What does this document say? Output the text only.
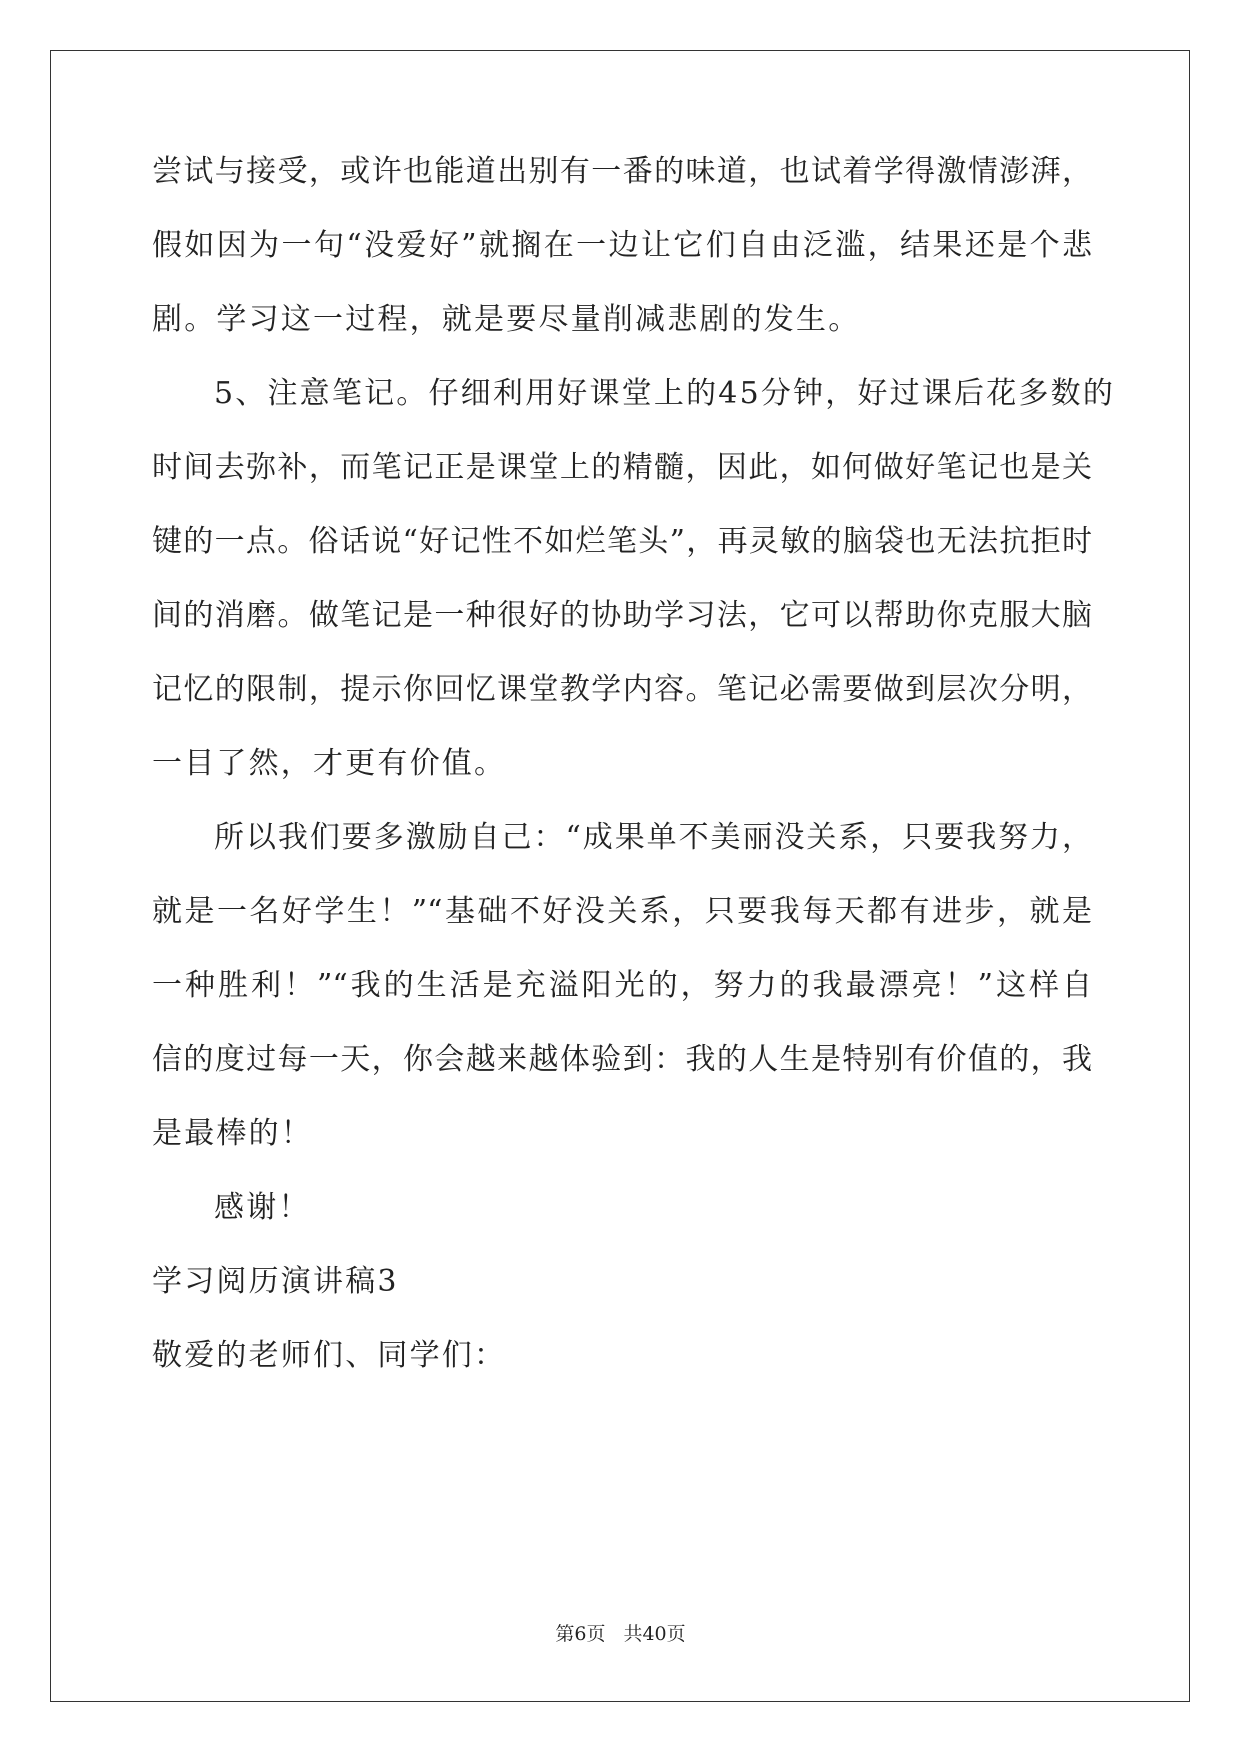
尝试与接受，或许也能道出别有一番的味道，也试着学得激情澎湃，
假如因为一句“没爱好”就搁在一边让它们自由泛滥，结果还是个悲
剧。学习这一过程，就是要尽量削减悲剧的发生。
5、注意笔记。仔细利用好课堂上的45分钟，好过课后花多数的
时间去弥补，而笔记正是课堂上的精髓，因此，如何做好笔记也是关
键的一点。俗话说“好记性不如烂笔头”，再灵敏的脑袋也无法抗拒时
间的消磨。做笔记是一种很好的协助学习法，它可以帮助你克服大脑
记忆的限制，提示你回忆课堂教学内容。笔记必需要做到层次分明，
一目了然，才更有价值。
所以我们要多激励自己：“成果单不美丽没关系，只要我努力，
就是一名好学生！”“基础不好没关系，只要我每天都有进步，就是
一种胜利！”“我的生活是充溢阳光的，努力的我最漂亮！”这样自
信的度过每一天，你会越来越体验到：我的人生是特别有价值的，我
是最棒的！
感谢！
学习阅历演讲稿3
敬爱的老师们、同学们：
第6页 共40页
